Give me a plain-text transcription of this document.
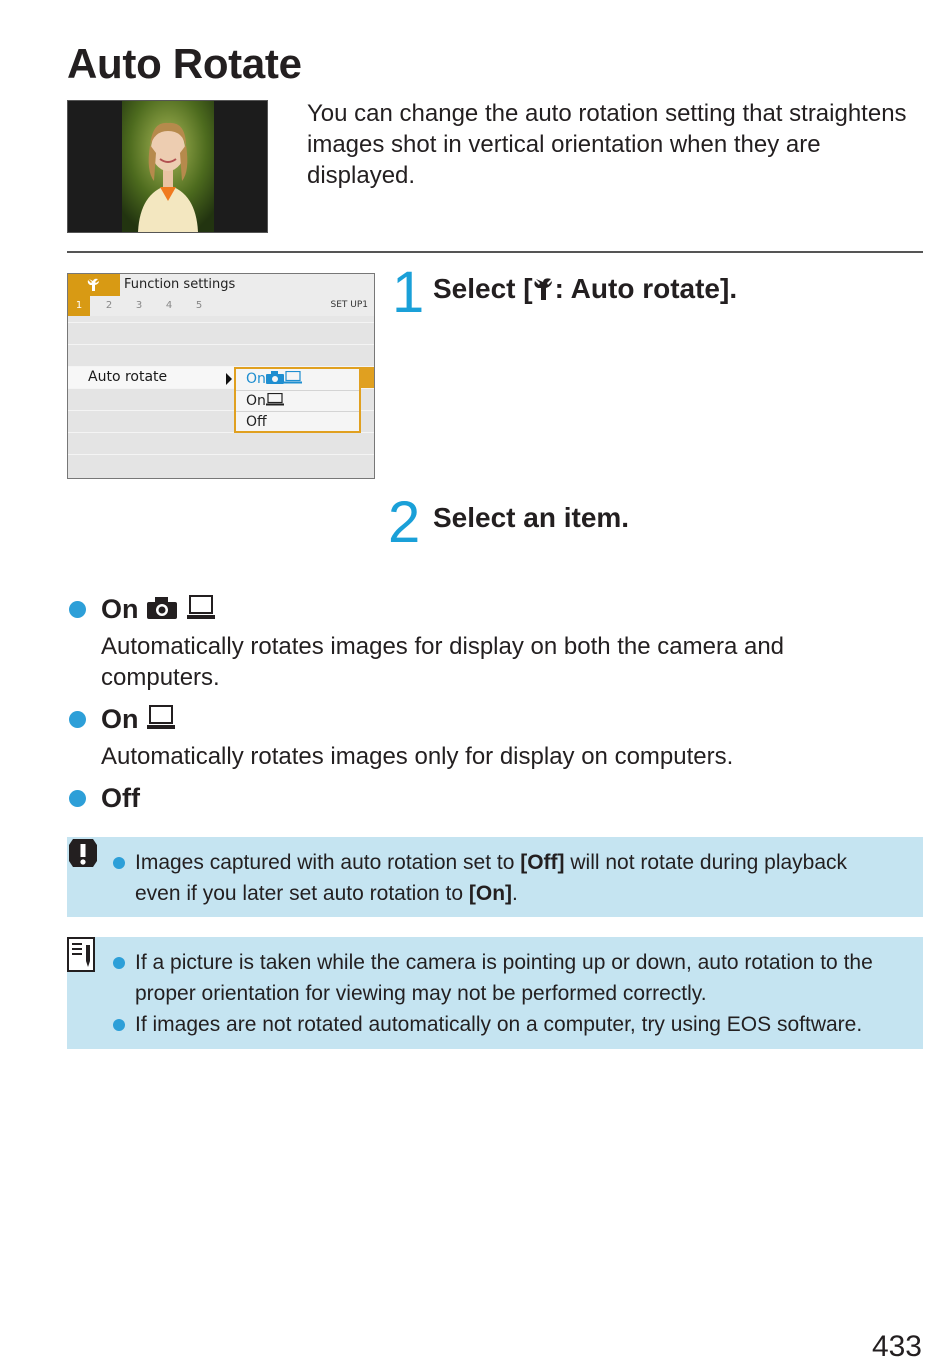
Auto Rotate
You can change the auto rotation setting that straightens images shot in vertical orientation when they are displayed.
Function settings
1	2	3	4	5	SET UP1
Auto rotate	On
On
Off
1 Select [ : Auto rotate].
2 Select an item.
On
Automatically rotates images for display on both the camera and computers.
On
Automatically rotates images only for display on computers.
Off
Images captured with auto rotation set to [Off] will not rotate during playback
even if you later set auto rotation to [On].
If a picture is taken while the camera is pointing up or down, auto rotation to the
proper orientation for viewing may not be performed correctly.
If images are not rotated automatically on a computer, try using EOS software.
433
